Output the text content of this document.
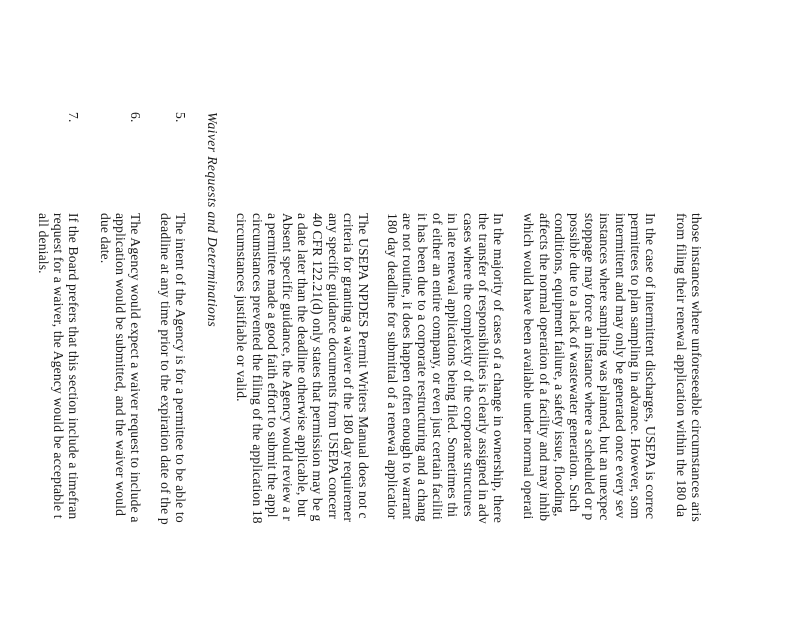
those instances where unforeseeable circumstances aris
from filing their renewal application within the 180 da
In the case of intermittent discharges, USEPA is correc
permittees to plan sampling in advance. However, som
intermittent and may only be generated once every sev
instances where sampling was planned, but an unexpec
stoppage may force an instance where a scheduled or p
possible due to a lack of wastewater generation. Such
conditions, equipment failure, a safety issue, flooding,
affects the normal operation of a facility and may inhib
which would have been available under normal operati
In the majority of cases of a change in ownership, there
the transfer of responsibilities is clearly assigned in adv
cases where the complexity of the corporate structures
in late renewal applications being filed. Sometimes thi
of either an entire company, or even just certain faciliti
it has been due to a corporate restructuring and a chang
are not routine, it does happen often enough to warrant
180 day deadline for submittal of a renewal applicatior
The USEPA NPDES Permit Writers Manual does not c
criteria for granting a waiver of the 180 day requiremer
any specific guidance documents from USEPA concerr
40 CFR 122.21(d) only states that permission may be g
a date later than the deadline otherwise applicable, but
Absent specific guidance, the Agency would review a r
a permittee made a good faith effort to submit the appl
circumstances prevented the filing of the application 18
circumstances justifiable or valid.
Waiver Requests and Determinations
5.
The intent of the Agency is for a permittee to be able to
deadline at any time prior to the expiration date of the p
6.
The Agency would expect a waiver request to include a
application would be submitted, and the waiver would
due date.
7.
If the Board prefers that this section include a timefran
request for a waiver, the Agency would be acceptable t
all denials.
